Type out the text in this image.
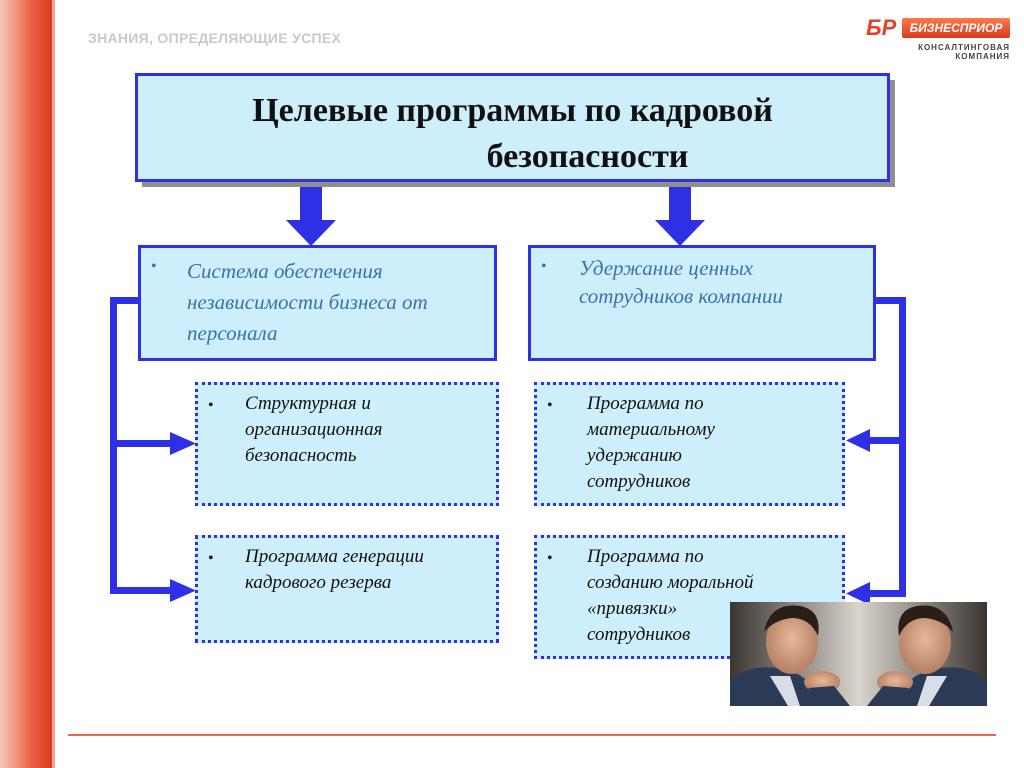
ЗНАНИЯ, ОПРЕДЕЛЯЮЩИЕ УСПЕХ	БР	БИЗНЕСПРИОР
КОНСАЛТИНГОВАЯ КОМПАНИЯ
Целевые программы по кадровой
безопасности
• Система обеспечения
независимости бизнеса от
персонала
• Удержание ценных
сотрудников компании
• Структурная и
организационная
безопасность
• Программа генерации
кадрового резерва
• Программа по
материальному
удержанию
сотрудников
• Программа по
созданию моральной
«привязки»
сотрудников
